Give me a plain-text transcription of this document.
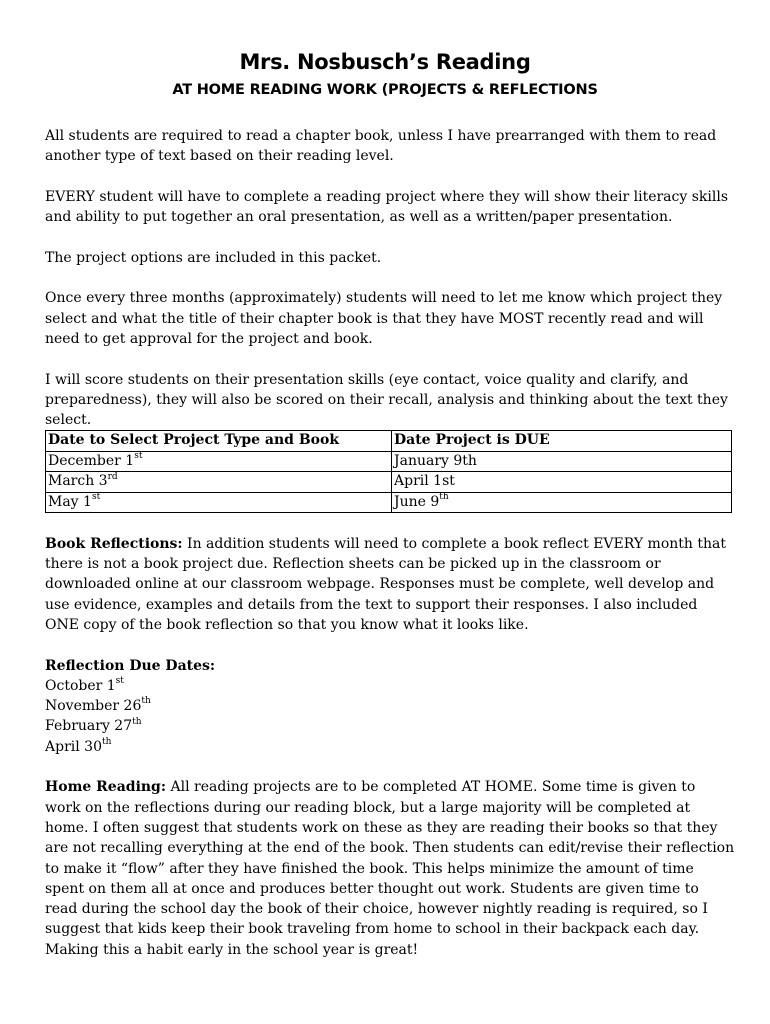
Mrs. Nosbusch’s Reading
AT HOME READING WORK (PROJECTS & REFLECTIONS

All students are required to read a chapter book, unless I have prearranged with them to read another type of text based on their reading level.

EVERY student will have to complete a reading project where they will show their literacy skills and ability to put together an oral presentation, as well as a written/paper presentation.

The project options are included in this packet.

Once every three months (approximately) students will need to let me know which project they select and what the title of their chapter book is that they have MOST recently read and will need to get approval for the project and book.

I will score students on their presentation skills (eye contact, voice quality and clarify, and preparedness), they will also be scored on their recall, analysis and thinking about the text they select.

Date to Select Project Type and Book	Date Project is DUE
December 1st	January 9th
March 3rd	April 1st
May 1st	June 9th

Book Reflections: In addition students will need to complete a book reflect EVERY month that there is not a book project due. Reflection sheets can be picked up in the classroom or downloaded online at our classroom webpage. Responses must be complete, well develop and use evidence, examples and details from the text to support their responses. I also included ONE copy of the book reflection so that you know what it looks like.

Reflection Due Dates:
October 1st
November 26th
February 27th
April 30th

Home Reading: All reading projects are to be completed AT HOME. Some time is given to work on the reflections during our reading block, but a large majority will be completed at home. I often suggest that students work on these as they are reading their books so that they are not recalling everything at the end of the book. Then students can edit/revise their reflection to make it “flow” after they have finished the book. This helps minimize the amount of time spent on them all at once and produces better thought out work. Students are given time to read during the school day the book of their choice, however nightly reading is required, so I suggest that kids keep their book traveling from home to school in their backpack each day. Making this a habit early in the school year is great!
